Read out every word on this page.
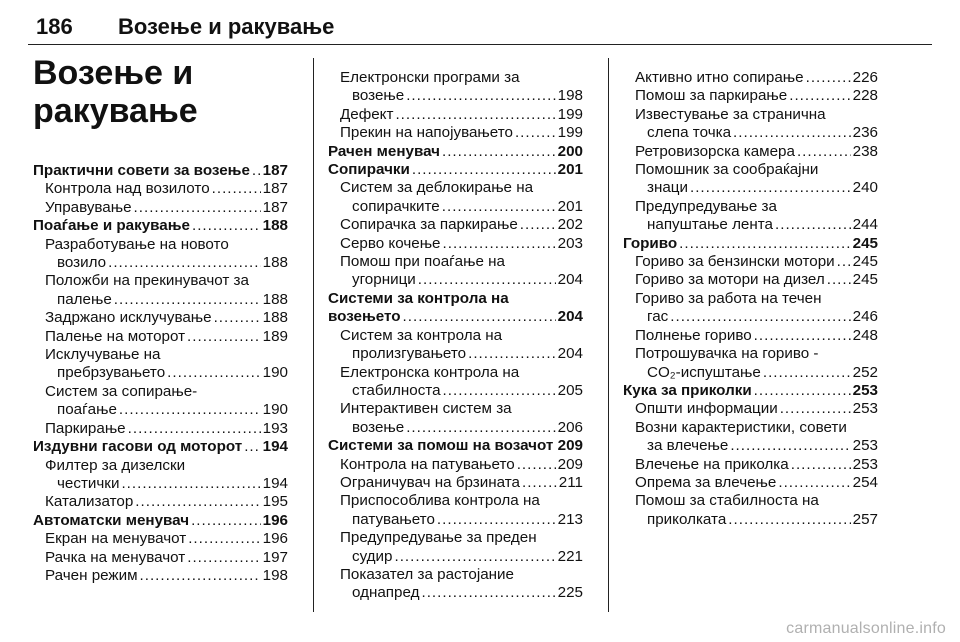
186 Возење и ракување
Возење и ракување
Практични совети за возење ..... 187
Контрола над возилото .....	187
Управување .....	187
Поаѓање и ракување .....	188
Разработување на новото
возило .....	188
Положби на прекинувачот за
палење .....	188
Задржано исклучување .....	188
Палење на моторот .....	189
Исклучување на
пребрзувањето .....	190
Систем за сопирање-
поаѓање .....	190
Паркирање .....	193
Издувни гасови од моторот ..... 194
Филтер за дизелски
честички .....	194
Катализатор .....	195
Автоматски менувач .....	196
Екран на менувачот .....	196
Рачка на менувачот .....	197
Рачен режим .....	198
Електронски програми за
возење .....	198
Дефект .....	199
Прекин на напојувањето .....	199
Рачен менувач .....	200
Сопирачки .....	201
Систем за деблокирање на
сопирачките .....	201
Сопирачка за паркирање .....	202
Серво кочење .....	203
Помош при поаѓање на
угорници .....	204
Системи за контрола на
возењето .....	204
Систем за контрола на
пролизгувањето .....	204
Електронска контрола на
стабилноста .....	205
Интерактивен систем за
возење .....	206
Системи за помош на возачот ..... 209
Контрола на патувањето .....	209
Ограничувач на брзината .....	211
Приспособлива контрола на
патувањето .....	213
Предупредување за преден
судир .....	221
Показател за растојание
однапред .....	225
Активно итно сопирање .....	226
Помош за паркирање .....	228
Известување за странична
слепа точка .....	236
Ретровизорска камера .....	238
Помошник за сообраќајни
знаци .....	240
Предупредување за
напуштање лента .....	244
Гориво .....	245
Гориво за бензински мотори ..... 245
Гориво за мотори на дизел ..... 245
Гориво за работа на течен
гас .....	246
Полнење гориво .....	248
Потрошувачка на гориво -
CO₂-испуштање .....	252
Кука за приколки .....	253
Општи информации .....	253
Возни карактеристики, совети
за влечење .....	253
Влечење на приколка .....	253
Опрема за влечење .....	254
Помош за стабилноста на
приколката .....	257
carmanualsonline.info
